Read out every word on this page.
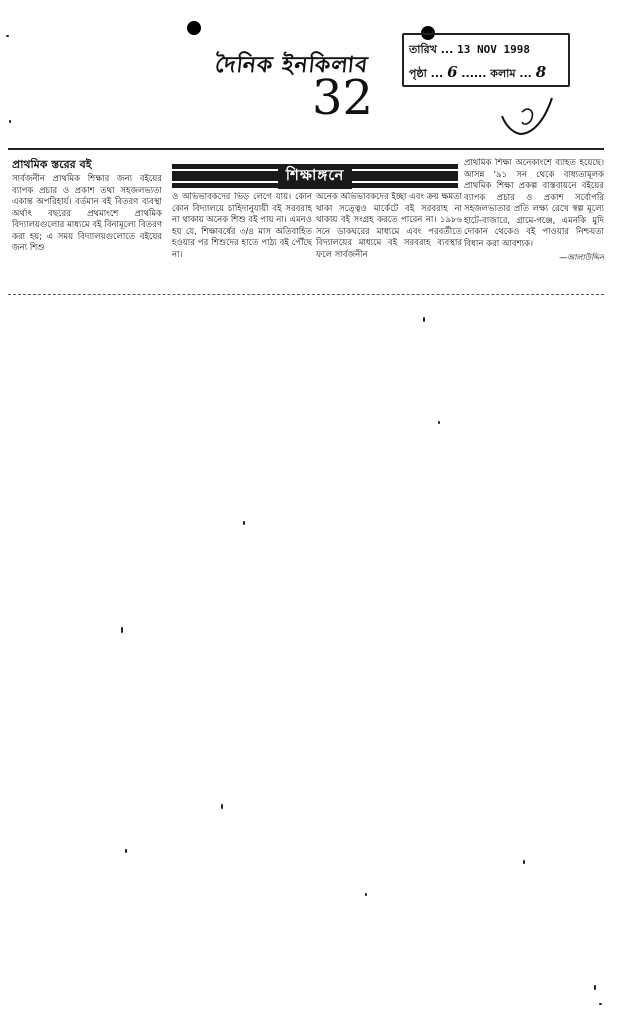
দৈনিক ইনকিলাব
32
তারিখ ... 13 NOV 1998
পৃষ্ঠা ... 6 ...... কলাম ... 8
শিক্ষাঙ্গনে
প্রাথমিক স্তরের বই
সার্বজনীন প্রাথমিক শিক্ষার জন্য বইয়ের ব্যাপক প্রচার ও প্রকাশ তথা সহজলভ্যতা একান্ত অপরিহার্য। বর্তমান বই বিতরণ ব্যবস্থা অর্থাৎ বছরের প্রথমাংশে প্রাথমিক বিদ্যালয়গুলোর মাধ্যমে বই বিনামূল্যে বিতরণ করা হয়; এ সময় বিদ্যালয়গুলোতে বইয়ের জন্য শিশু
ও অভিভাবকদের ভিড় লেগে যায়। কোন কোন বিদ্যালয়ে চাহিদানুযায়ী বই সরবরাহ না থাকায় অনেক শিশু বই পায় না। এমনও হয় যে, শিক্ষাবর্ষের ৩/৪ মাস অতিবাহিত হওয়ার পর শিশুদের হাতে পাঠ্য বই পৌঁছে না।
অনেক অভিভাবকদের ইচ্ছা এবং ক্রয় ক্ষমতা থাকা সত্ত্বেও মার্কেটে বই সরবরাহ না থাকায় বই সংগ্রহ করতে পারেন না। ১৯৮৬ সনে ডাকঘরের মাধ্যমে এবং পরবর্তীতে বিদ্যালয়ের মাধ্যমে বই সরবরাহ ব্যবস্থার ফলে সার্বজনীন
প্রাথমিক শিক্ষা অনেকাংশে ব্যাহত হয়েছে। আসন্ন '৯১ সন থেকে বাধ্যতামূলক প্রাথমিক শিক্ষা প্রকল্প বাস্তবায়নে বইয়ের ব্যাপক প্রচার ও প্রকাশ সর্বোপরি সহজলভ্যতার প্রতি লক্ষ্য রেখে স্বল্প মূল্যে হাটে-বাজারে, গ্রামে-গঞ্জে, এমনকি মুদি দোকান থেকেও বই পাওয়ার নিশ্চয়তা বিধান করা আবশ্যক।
—আলাউদ্দিন
